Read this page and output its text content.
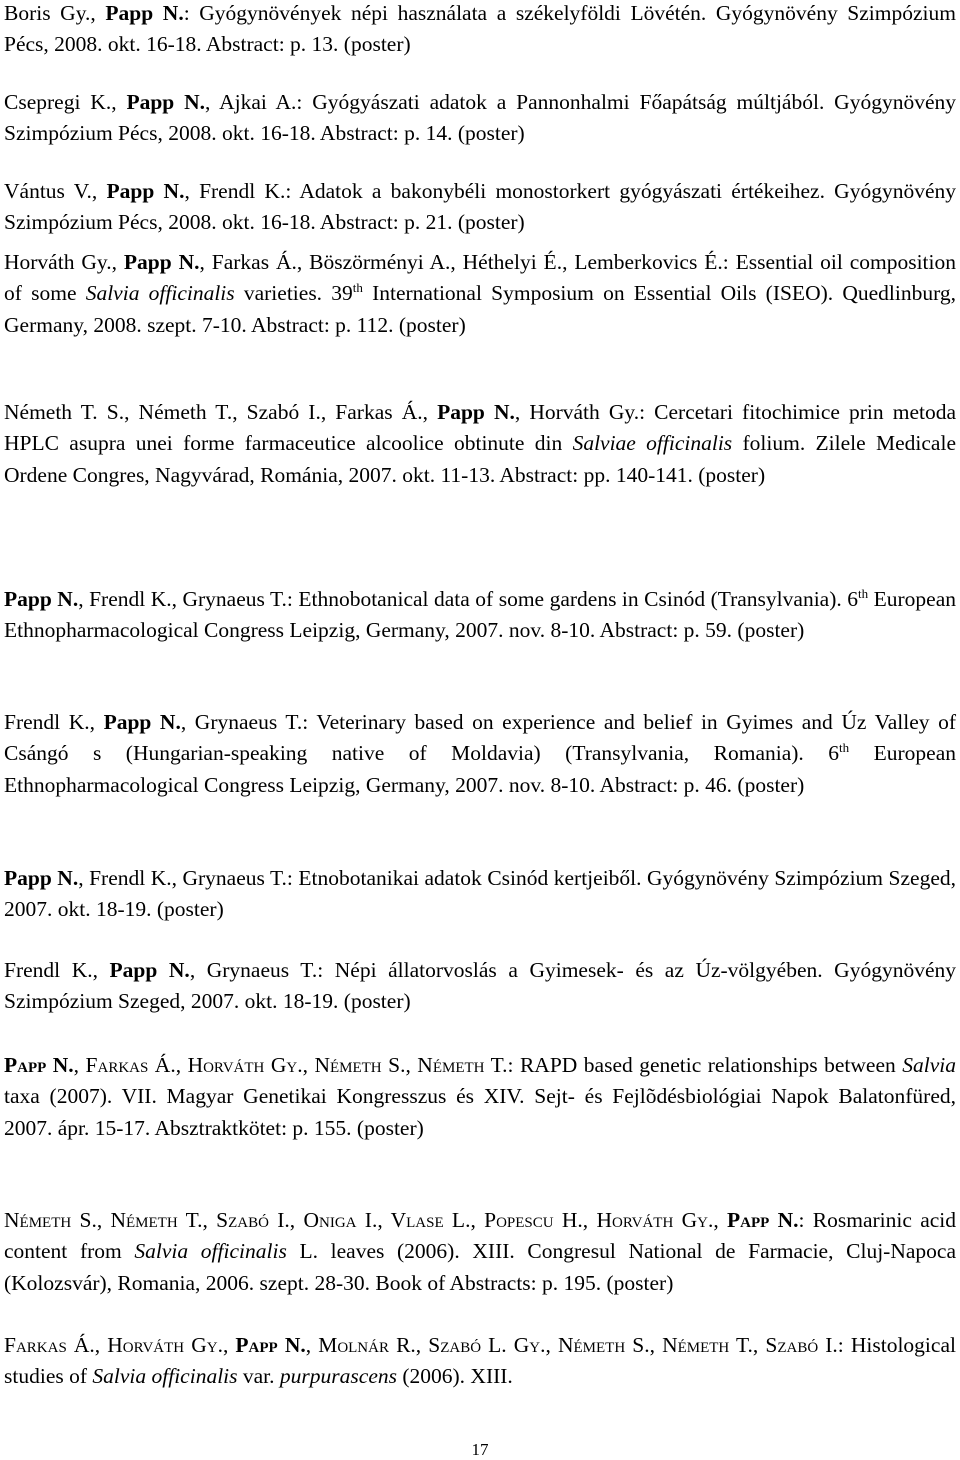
Boris Gy., Papp N.: Gyógynövények népi használata a székelyföldi Lövétén. Gyógynövény Szimpózium Pécs, 2008. okt. 16-18. Abstract: p. 13. (poster)

Csepregi K., Papp N., Ajkai A.: Gyógyászati adatok a Pannonhalmi Főapátság múltjából. Gyógynövény Szimpózium Pécs, 2008. okt. 16-18. Abstract: p. 14. (poster)

Vántus V., Papp N., Frendl K.: Adatok a bakonybéli monostorkert gyógyászati értékeihez. Gyógynövény Szimpózium Pécs, 2008. okt. 16-18. Abstract: p. 21. (poster)

Horváth Gy., Papp N., Farkas Á., Böszörményi A., Héthelyi É., Lemberkovics É.: Essential oil composition of some Salvia officinalis varieties. 39th International Symposium on Essential Oils (ISEO). Quedlinburg, Germany, 2008. szept. 7-10. Abstract: p. 112. (poster)

Németh T. S., Németh T., Szabó I., Farkas Á., Papp N., Horváth Gy.: Cercetari fitochimice prin metoda HPLC asupra unei forme farmaceutice alcoolice obtinute din Salviae officinalis folium. Zilele Medicale Ordene Congres, Nagyvárad, Románia, 2007. okt. 11-13. Abstract: pp. 140-141. (poster)

Papp N., Frendl K., Grynaeus T.: Ethnobotanical data of some gardens in Csinód (Transylvania). 6th European Ethnopharmacological Congress Leipzig, Germany, 2007. nov. 8-10. Abstract: p. 59. (poster)

Frendl K., Papp N., Grynaeus T.: Veterinary based on experience and belief in Gyimes and Úz Valley of Csángó s (Hungarian-speaking native of Moldavia) (Transylvania, Romania). 6th European Ethnopharmacological Congress Leipzig, Germany, 2007. nov. 8-10. Abstract: p. 46. (poster)

Papp N., Frendl K., Grynaeus T.: Etnobotanikai adatok Csinód kertjeiből. Gyógynövény Szimpózium Szeged, 2007. okt. 18-19. (poster)

Frendl K., Papp N., Grynaeus T.: Népi állatorvoslás a Gyimesek- és az Úz-völgyében. Gyógynövény Szimpózium Szeged, 2007. okt. 18-19. (poster)

Papp N., Farkas Á., Horváth Gy., Németh S., Németh T.: RAPD based genetic relationships between Salvia taxa (2007). VII. Magyar Genetikai Kongresszus és XIV. Sejt- és Fejlõdésbiológiai Napok Balatonfüred, 2007. ápr. 15-17. Absztraktkötet: p. 155. (poster)

Németh S., Németh T., Szabó I., Oniga I., Vlase L., Popescu H., Horváth Gy., Papp N.: Rosmarinic acid content from Salvia officinalis L. leaves (2006). XIII. Congresul National de Farmacie, Cluj-Napoca (Kolozsvár), Romania, 2006. szept. 28-30. Book of Abstracts: p. 195. (poster)

Farkas Á., Horváth Gy., Papp N., Molnár R., Szabó L. Gy., Németh S., Németh T., Szabó I.: Histological studies of Salvia officinalis var. purpurascens (2006). XIII.

17
